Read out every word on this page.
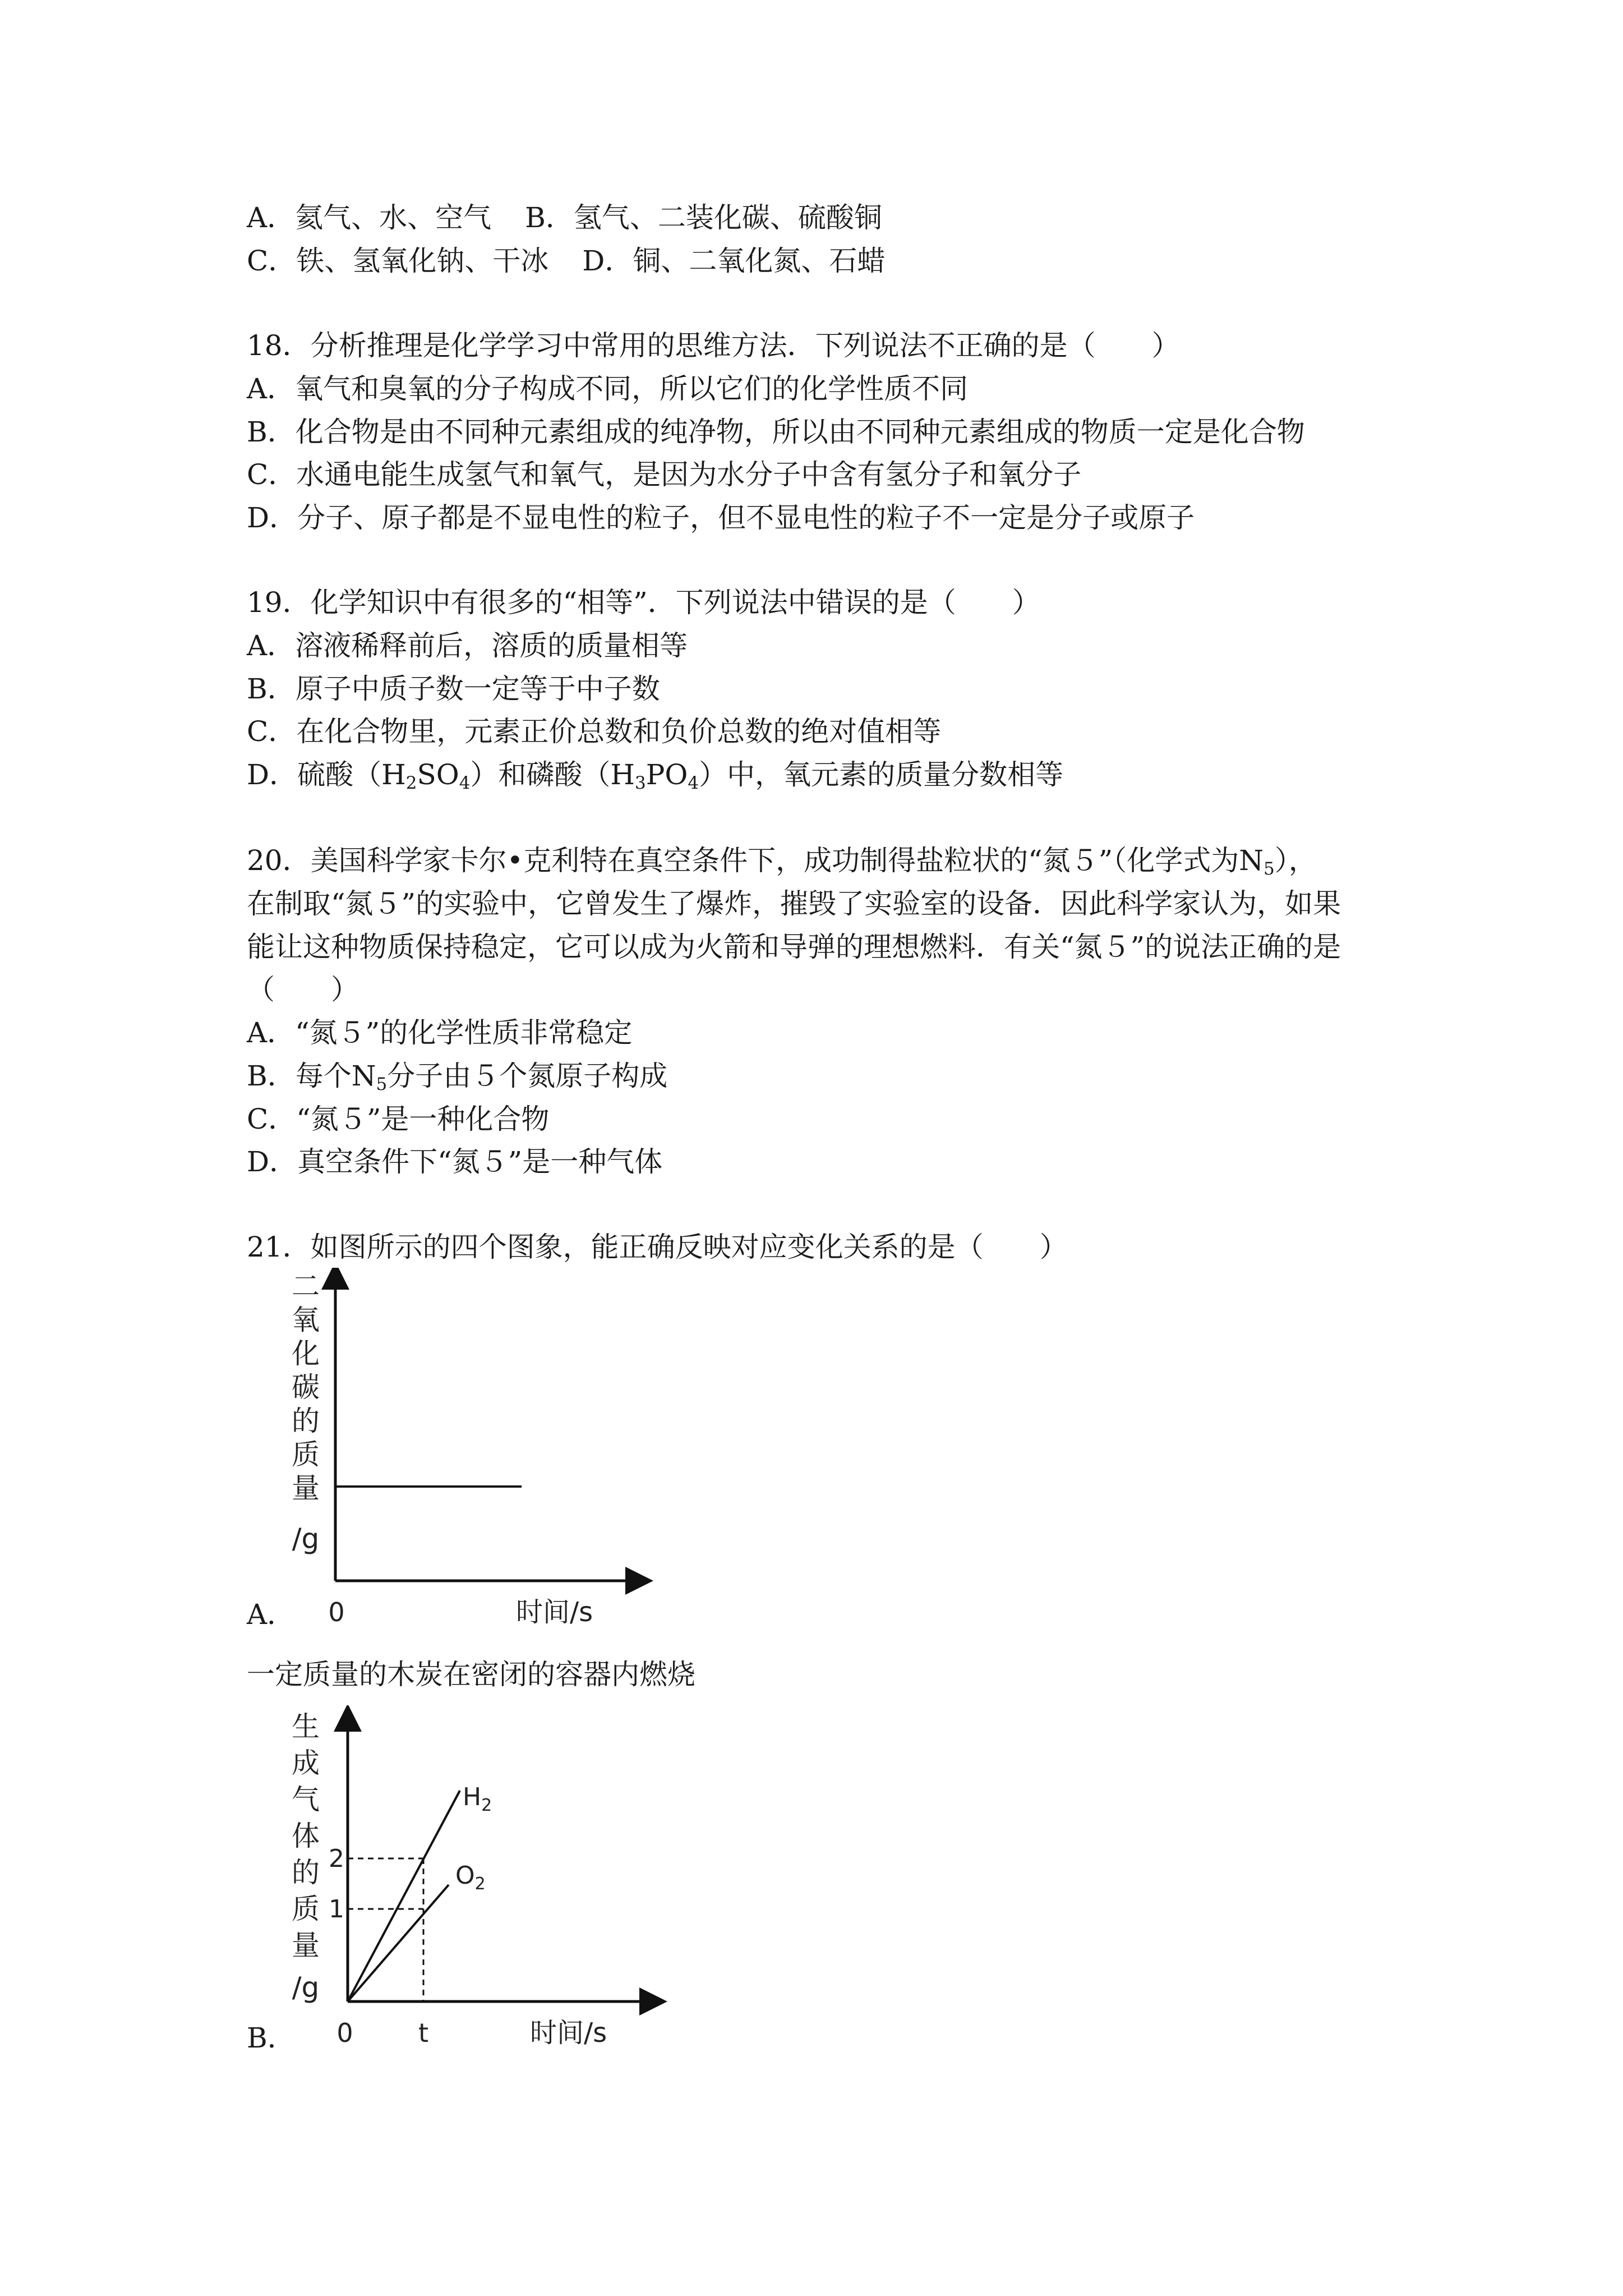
A．氦气、水、空气 B．氢气、二装化碳、硫酸铜
C．铁、氢氧化钠、干冰 D．铜、二氧化氮、石蜡
18．分析推理是化学学习中常用的思维方法．下列说法不正确的是（　　）
A．氧气和臭氧的分子构成不同，所以它们的化学性质不同
B．化合物是由不同种元素组成的纯净物，所以由不同种元素组成的物质一定是化合物
C．水通电能生成氢气和氧气，是因为水分子中含有氢分子和氧分子
D．分子、原子都是不显电性的粒子，但不显电性的粒子不一定是分子或原子
19．化学知识中有很多的“相等”．下列说法中错误的是（　　）
A．溶液稀释前后，溶质的质量相等
B．原子中质子数一定等于中子数
C．在化合物里，元素正价总数和负价总数的绝对值相等
D．硫酸$(H_2SO_4)$和磷酸$(H_3PO_4)$中，氧元素的质量分数相等
20．美国科学家卡尔•克利特在真空条件下，成功制得盐粒状的“氮５”（化学式为$N_5$），
在制取“氮５”的实验中，它曾发生了爆炸，摧毁了实验室的设备．因此科学家认为，如果
能让这种物质保持稳定，它可以成为火箭和导弹的理想燃料．有关“氮５”的说法正确的是
（　　）
A．“氮５”的化学性质非常稳定
B．每个$N_5$分子由５个氮原子构成
C．“氮５”是一种化合物
D．真空条件下“氮５”是一种气体
21．如图所示的四个图象，能正确反映对应变化关系的是（　　）
二
氧
化
碳
的
质
量
/g
0	时间/s
A．
一定质量的木炭在密闭的容器内燃烧
生
成
气
体
的
质
量
/g
2
1
0	t
$H_2$
$O_2$
时间/s
B．
